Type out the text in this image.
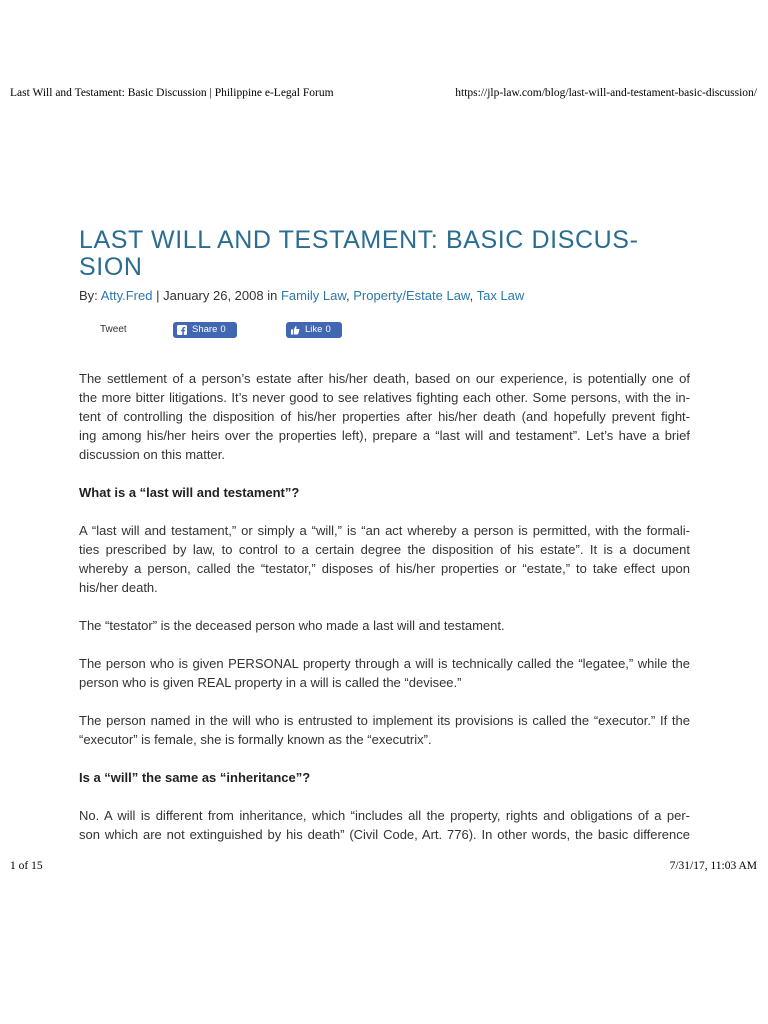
Last Will and Testament: Basic Discussion | Philippine e-Legal Forum	https://jlp-law.com/blog/last-will-and-testament-basic-discussion/
LAST WILL AND TESTAMENT: BASIC DISCUS-
SION
By: Atty.Fred | January 26, 2008 in Family Law, Property/Estate Law, Tax Law
Tweet	Share 0	Like 0
The settlement of a person’s estate after his/her death, based on our experience, is potentially one of
the more bitter litigations. It’s never good to see relatives fighting each other. Some persons, with the in-
tent of controlling the disposition of his/her properties after his/her death (and hopefully prevent fight-
ing among his/her heirs over the properties left), prepare a “last will and testament”. Let’s have a brief
discussion on this matter.
What is a “last will and testament”?
A “last will and testament,” or simply a “will,” is “an act whereby a person is permitted, with the formali-
ties prescribed by law, to control to a certain degree the disposition of his estate”. It is a document
whereby a person, called the “testator,” disposes of his/her properties or “estate,” to take effect upon
his/her death.
The “testator” is the deceased person who made a last will and testament.
The person who is given PERSONAL property through a will is technically called the “legatee,” while the
person who is given REAL property in a will is called the “devisee.”
The person named in the will who is entrusted to implement its provisions is called the “executor.” If the
“executor” is female, she is formally known as the “executrix”.
Is a “will” the same as “inheritance”?
No. A will is different from inheritance, which “includes all the property, rights and obligations of a per-
son which are not extinguished by his death” (Civil Code, Art. 776). In other words, the basic difference
1 of 15	7/31/17, 11:03 AM
